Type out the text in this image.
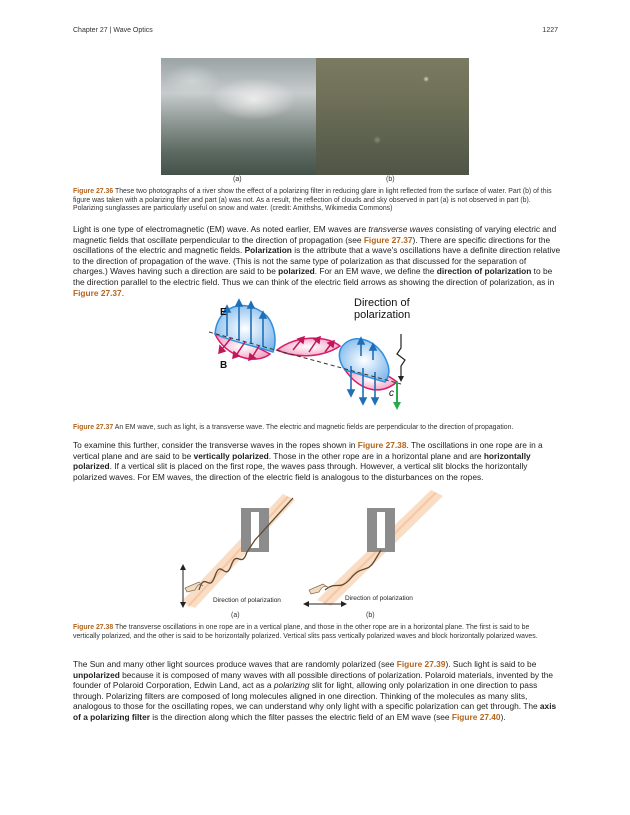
Chapter 27 | Wave Optics	1227
(a)	(b)
Figure 27.36 These two photographs of a river show the effect of a polarizing filter in reducing glare in light reflected from the surface of water. Part (b) of this figure was taken with a polarizing filter and part (a) was not. As a result, the reflection of clouds and sky observed in part (a) is not observed in part (b). Polarizing sunglasses are particularly useful on snow and water. (credit: Amithshs, Wikimedia Commons)
Light is one type of electromagnetic (EM) wave. As noted earlier, EM waves are transverse waves consisting of varying electric and magnetic fields that oscillate perpendicular to the direction of propagation (see Figure 27.37). There are specific directions for the oscillations of the electric and magnetic fields. Polarization is the attribute that a wave's oscillations have a definite direction relative to the direction of propagation of the wave. (This is not the same type of polarization as that discussed for the separation of charges.) Waves having such a direction are said to be polarized. For an EM wave, we define the direction of polarization to be the direction parallel to the electric field. Thus we can think of the electric field arrows as showing the direction of polarization, as in Figure 27.37.
E
B
c
Direction of
polarization
Figure 27.37 An EM wave, such as light, is a transverse wave. The electric and magnetic fields are perpendicular to the direction of propagation.
To examine this further, consider the transverse waves in the ropes shown in Figure 27.38. The oscillations in one rope are in a vertical plane and are said to be vertically polarized. Those in the other rope are in a horizontal plane and are horizontally polarized. If a vertical slit is placed on the first rope, the waves pass through. However, a vertical slit blocks the horizontally polarized waves. For EM waves, the direction of the electric field is analogous to the disturbances on the ropes.
Direction of polarization	Direction of polarization
(a)	(b)
Figure 27.38 The transverse oscillations in one rope are in a vertical plane, and those in the other rope are in a horizontal plane. The first is said to be vertically polarized, and the other is said to be horizontally polarized. Vertical slits pass vertically polarized waves and block horizontally polarized waves.
The Sun and many other light sources produce waves that are randomly polarized (see Figure 27.39). Such light is said to be unpolarized because it is composed of many waves with all possible directions of polarization. Polaroid materials, invented by the founder of Polaroid Corporation, Edwin Land, act as a polarizing slit for light, allowing only polarization in one direction to pass through. Polarizing filters are composed of long molecules aligned in one direction. Thinking of the molecules as many slits, analogous to those for the oscillating ropes, we can understand why only light with a specific polarization can get through. The axis of a polarizing filter is the direction along which the filter passes the electric field of an EM wave (see Figure 27.40).
